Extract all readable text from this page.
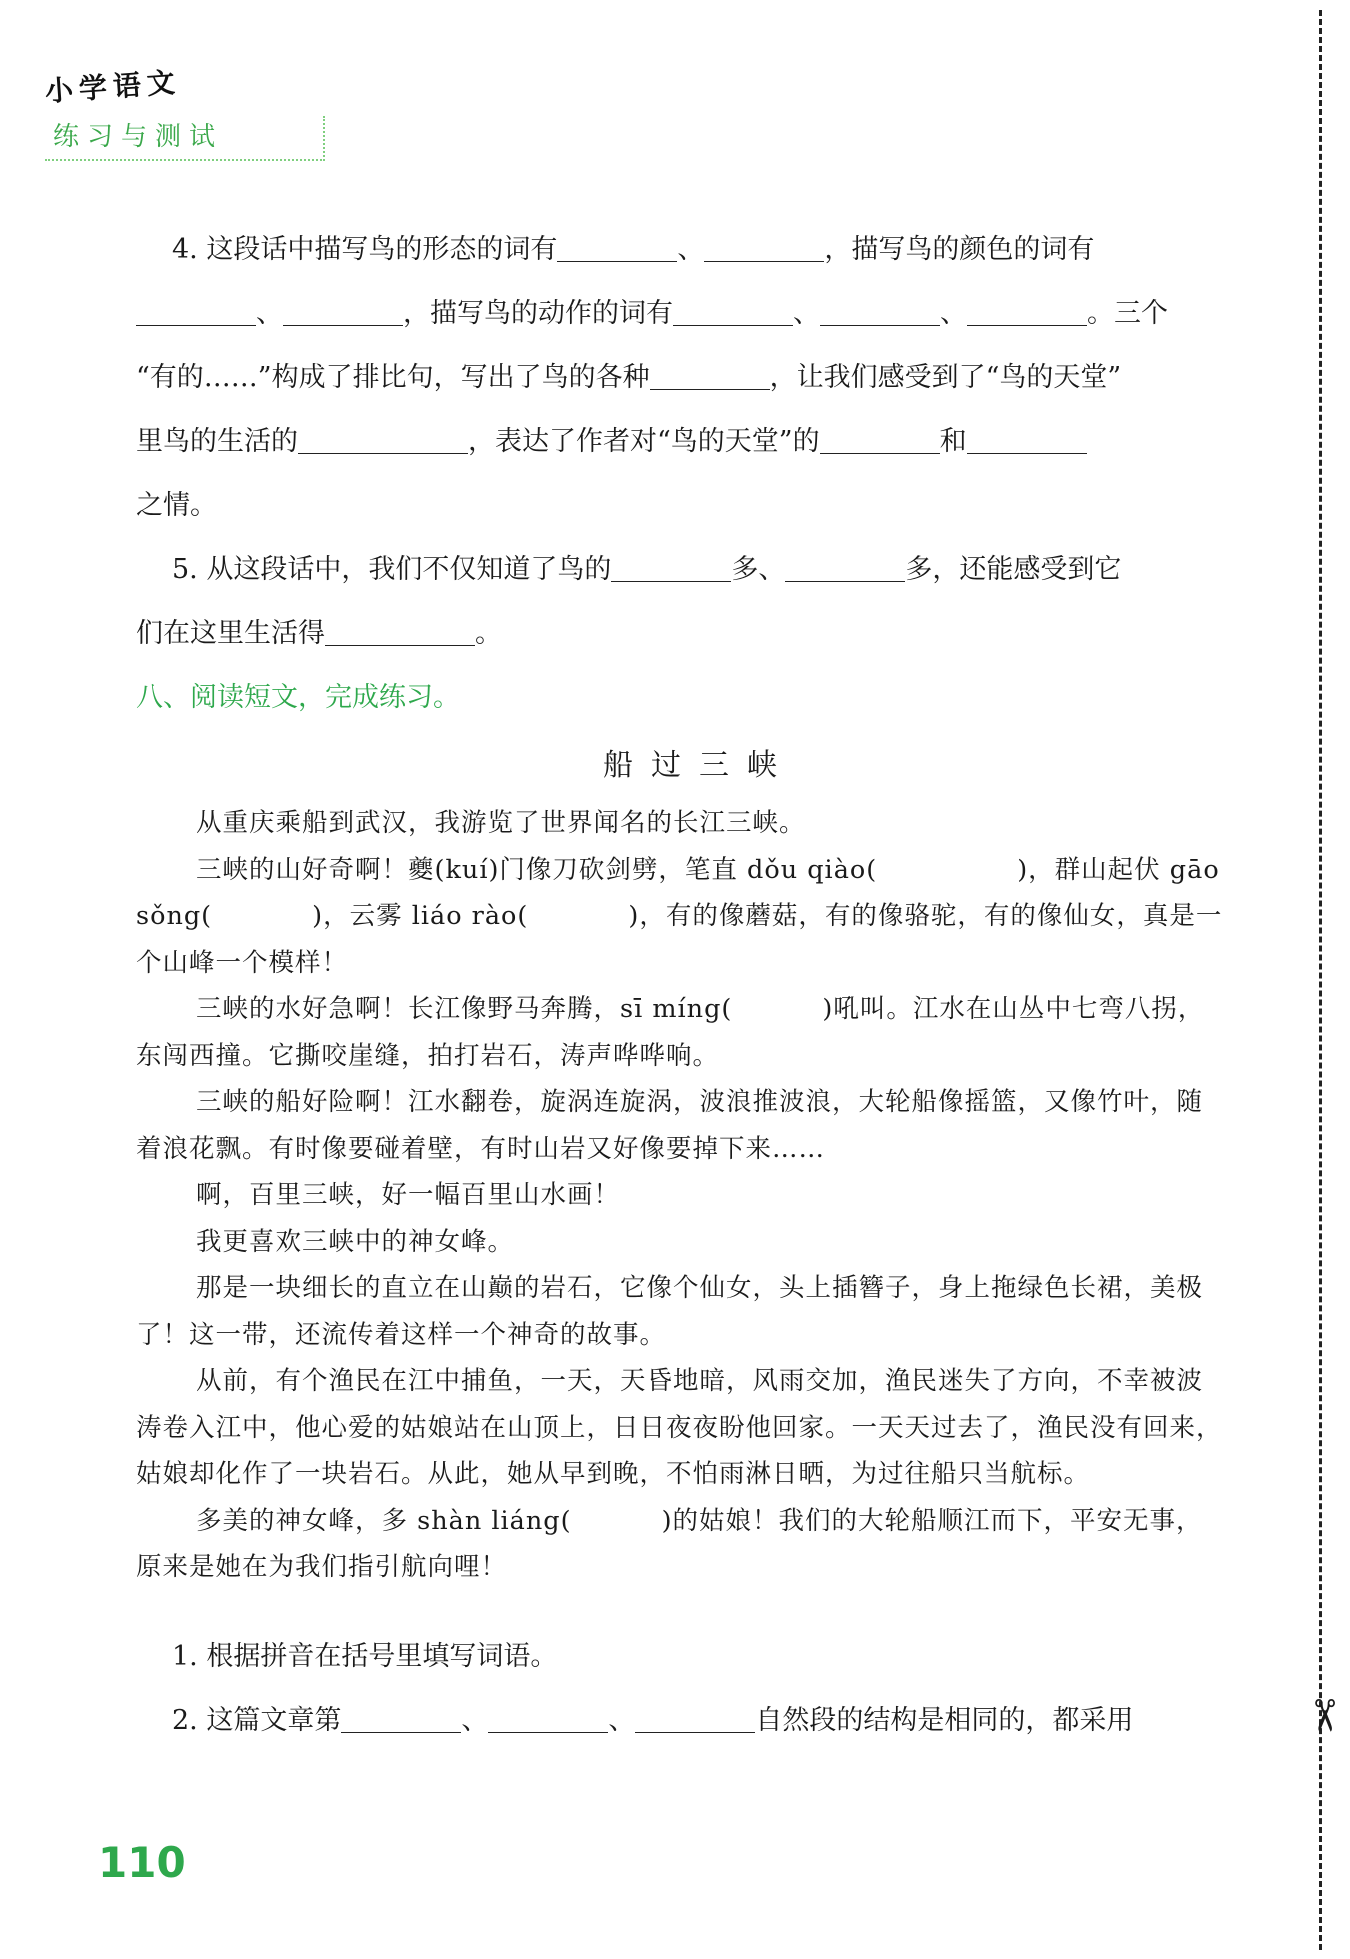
小学语文
练习与测试
✂
4. 这段话中描写鸟的形态的词有	、	，描写鸟的颜色的词有
、	，描写鸟的动作的词有	、	、	。三个
“有的……”构成了排比句，写出了鸟的各种	，让我们感受到了“鸟的天堂”
里鸟的生活的	，表达了作者对“鸟的天堂”的	和
之情。
5. 从这段话中，我们不仅知道了鸟的	多、	多，还能感受到它
们在这里生活得	。
八、阅读短文，完成练习。
船过三峡

从重庆乘船到武汉，我游览了世界闻名的长江三峡。

三峡的山好奇啊！夔(kuí)门像刀砍剑劈，笔直 dǒu qiào(	)，群山起伏 gāo sǒng(	)，云雾 liáo rào(	)，有的像蘑菇，有的像骆驼，有的像仙女，真是一个山峰一个模样！

三峡的水好急啊！长江像野马奔腾，sī míng(	)吼叫。江水在山丛中七弯八拐，东闯西撞。它撕咬崖缝，拍打岩石，涛声哗哗响。

三峡的船好险啊！江水翻卷，旋涡连旋涡，波浪推波浪，大轮船像摇篮，又像竹叶，随着浪花飘。有时像要碰着壁，有时山岩又好像要掉下来……

啊，百里三峡，好一幅百里山水画！

我更喜欢三峡中的神女峰。

那是一块细长的直立在山巅的岩石，它像个仙女，头上插簪子，身上拖绿色长裙，美极了！这一带，还流传着这样一个神奇的故事。

从前，有个渔民在江中捕鱼，一天，天昏地暗，风雨交加，渔民迷失了方向，不幸被波涛卷入江中，他心爱的姑娘站在山顶上，日日夜夜盼他回家。一天天过去了，渔民没有回来，姑娘却化作了一块岩石。从此，她从早到晚，不怕雨淋日晒，为过往船只当航标。

多美的神女峰，多 shàn liáng(	)的姑娘！我们的大轮船顺江而下，平安无事，原来是她在为我们指引航向哩！

1. 根据拼音在括号里填写词语。
2. 这篇文章第	、	、	自然段的结构是相同的，都采用
110
